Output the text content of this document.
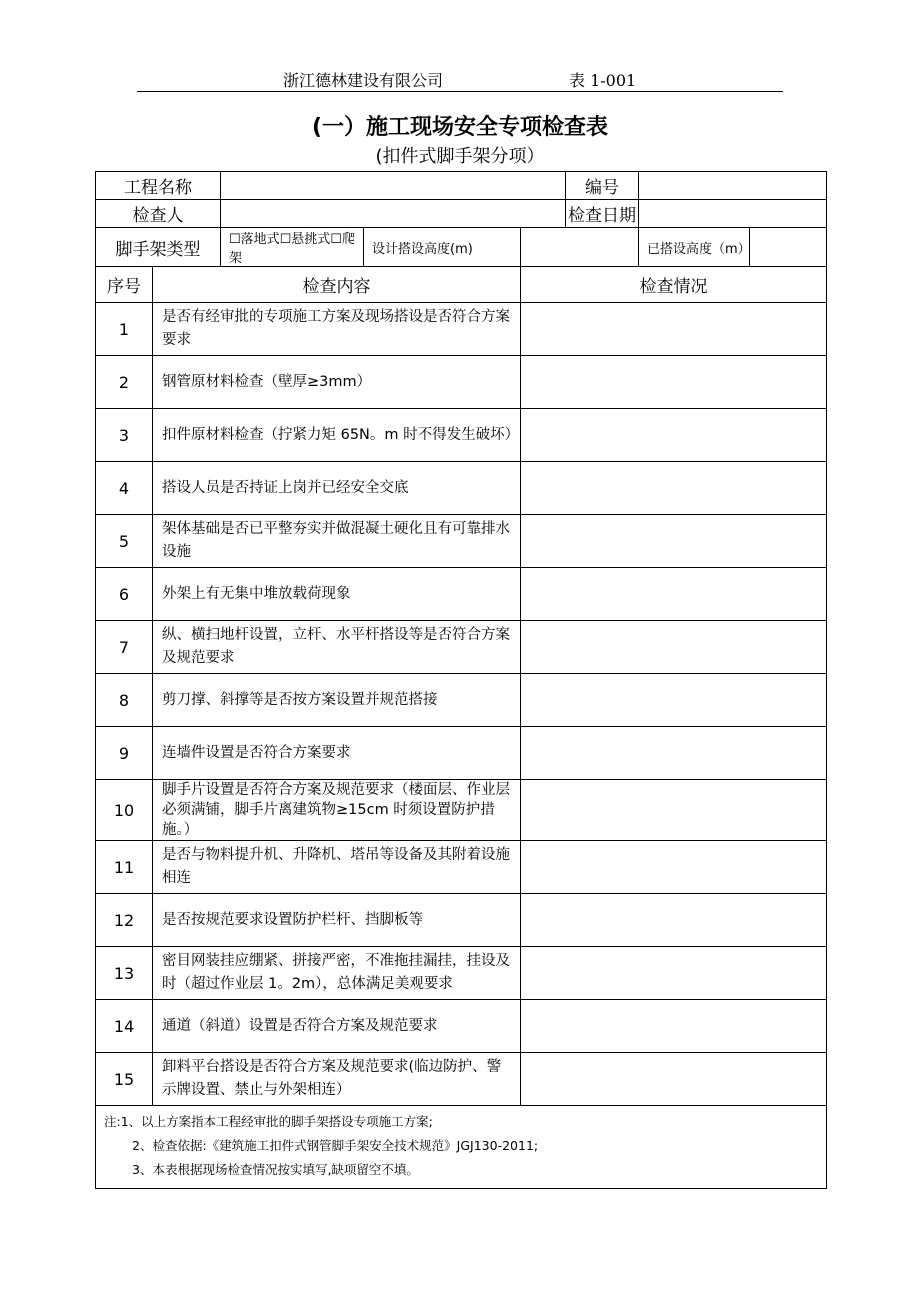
浙江德林建设有限公司	表 1-001
(一）施工现场安全专项检查表
(扣件式脚手架分项）
工程名称					编号		
检查人					检查日期		
脚手架类型		☐落地式☐悬挑式☐爬架	设计搭设高度(m)			已搭设高度（m）	
序号	检查内容			检查情况			
1	是否有经审批的专项施工方案及现场搭设是否符合方案要求						
2	钢管原材料检查（壁厚≥3mm）						
3	扣件原材料检查（拧紧力矩 65N。m 时不得发生破坏）						
4	搭设人员是否持证上岗并已经安全交底						
5	架体基础是否已平整夯实并做混凝土硬化且有可靠排水设施						
6	外架上有无集中堆放载荷现象						
7	纵、横扫地杆设置，立杆、水平杆搭设等是否符合方案及规范要求						
8	剪刀撑、斜撑等是否按方案设置并规范搭接						
9	连墙件设置是否符合方案要求						
10	脚手片设置是否符合方案及规范要求（楼面层、作业层必须满铺，脚手片离建筑物≥15cm 时须设置防护措施。）						
11	是否与物料提升机、升降机、塔吊等设备及其附着设施相连						
12	是否按规范要求设置防护栏杆、挡脚板等						
13	密目网装挂应绷紧、拼接严密，不准拖挂漏挂，挂设及时（超过作业层 1。2m），总体满足美观要求						
14	通道（斜道）设置是否符合方案及规范要求						
15	卸料平台搭设是否符合方案及规范要求(临边防护、警示牌设置、禁止与外架相连）						

注:1、以上方案指本工程经审批的脚手架搭设专项施工方案;
2、检查依据:《建筑施工扣件式钢管脚手架安全技术规范》JGJ130-2011;
3、本表根据现场检查情况按实填写,缺项留空不填。							
